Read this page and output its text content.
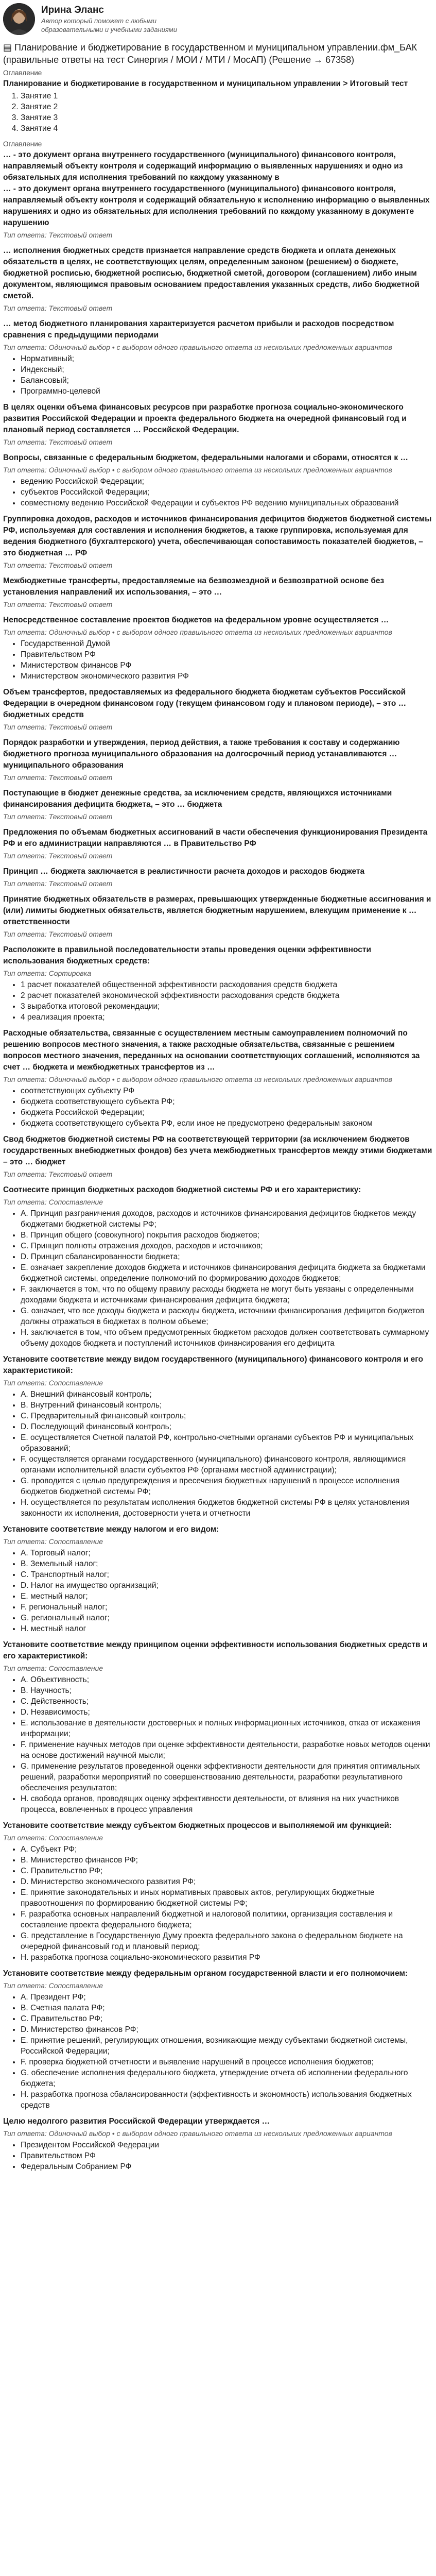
Ирина Эланс
Автор который поможет с любыми образовательными и учебными заданиями
▤ Планирование и бюджетирование в государственном и муниципальном управлении.фм_БАК (правильные ответы на тест Синергия / МОИ / МТИ / МосАП) (Решение → 67358)
Оглавление
Планирование и бюджетирование в государственном и муниципальном управлении > Итоговый тест
1. Занятие 1
2. Занятие 2
3. Занятие 3
4. Занятие 4
Оглавление
… - это документ органа внутреннего государственного (муниципального) финансового контроля, направляемый объекту контроля и содержащий информацию о выявленных нарушениях и одно из обязательных для исполнения требований по каждому указанному в
… - это документ органа внутреннего государственного (муниципального) финансового контроля, направляемый объекту контроля и содержащий обязательную к исполнению информацию о выявленных нарушениях и одно из обязательных для исполнения требований по каждому указанному в документе нарушению
Тип ответа: Текстовый ответ
… исполнения бюджетных средств признается направление средств бюджета и оплата денежных обязательств в целях, не соответствующих целям, определенным законом (решением) о бюджете, бюджетной росписью, бюджетной росписью, бюджетной сметой, договором (соглашением) либо иным документом, являющимся правовым основанием предоставления указанных средств, либо бюджетной сметой.
Тип ответа: Текстовый ответ
… метод бюджетного планирования характеризуется расчетом прибыли и расходов посредством сравнения с предыдущими периодами
Тип ответа: Одиночный выбор • с выбором одного правильного ответа из нескольких предложенных вариантов
• Нормативный;
• Индексный;
• Балансовый;
• Программно-целевой
В целях оценки объема финансовых ресурсов при разработке прогноза социально-экономического развития Российской Федерации и проекта федерального бюджета на очередной финансовый год и плановый период составляется … Российской Федерации.
Тип ответа: Текстовый ответ
Вопросы, связанные с федеральным бюджетом, федеральными налогами и сборами, относятся к …
Тип ответа: Одиночный выбор • с выбором одного правильного ответа из нескольких предложенных вариантов
• ведению Российской Федерации;
• субъектов Российской Федерации;
• совместному ведению Российской Федерации и субъектов РФ ведению муниципальных образований
Группировка доходов, расходов и источников финансирования дефицитов бюджетов бюджетной системы РФ, используемая для составления и исполнения бюджетов, а также группировка, используемая для ведения бюджетного (бухгалтерского) учета, обеспечивающая сопоставимость показателей бюджетов, – это бюджетная … РФ
Тип ответа: Текстовый ответ
Межбюджетные трансферты, предоставляемые на безвозмездной и безвозвратной основе без установления направлений их использования, – это …
Тип ответа: Текстовый ответ
Непосредственное составление проектов бюджетов на федеральном уровне осуществляется …
Тип ответа: Одиночный выбор • с выбором одного правильного ответа из нескольких предложенных вариантов
• Государственной Думой
• Правительством РФ
• Министерством финансов РФ
• Министерством экономического развития РФ
Объем трансфертов, предоставляемых из федерального бюджета бюджетам субъектов Российской Федерации в очередном финансовом году (текущем финансовом году и плановом периоде), – это … бюджетных средств
Тип ответа: Текстовый ответ
Порядок разработки и утверждения, период действия, а также требования к составу и содержанию бюджетного прогноза муниципального образования на долгосрочный период устанавливаются … муниципального образования
Тип ответа: Текстовый ответ
Поступающие в бюджет денежные средства, за исключением средств, являющихся источниками финансирования дефицита бюджета, – это … бюджета
Тип ответа: Текстовый ответ
Предложения по объемам бюджетных ассигнований в части обеспечения функционирования Президента РФ и его администрации направляются … в Правительство РФ
Тип ответа: Текстовый ответ
Принцип … бюджета заключается в реалистичности расчета доходов и расходов бюджета
Тип ответа: Текстовый ответ
Принятие бюджетных обязательств в размерах, превышающих утвержденные бюджетные ассигнования и (или) лимиты бюджетных обязательств, является бюджетным нарушением, влекущим применение к … ответственности
Тип ответа: Текстовый ответ
Расположите в правильной последовательности этапы проведения оценки эффективности использования бюджетных средств:
Тип ответа: Сортировка
• 1 расчет показателей общественной эффективности расходования средств бюджета
• 2 расчет показателей экономической эффективности расходования средств бюджета
• 3 выработка итоговой рекомендации;
• 4 реализация проекта;
Расходные обязательства, связанные с осуществлением местным самоуправлением полномочий по решению вопросов местного значения, а также расходные обязательства, связанные с решением вопросов местного значения, переданных на основании соответствующих соглашений, исполняются за счет … бюджета и межбюджетных трансфертов из …
Тип ответа: Одиночный выбор • с выбором одного правильного ответа из нескольких предложенных вариантов
• соответствующих субъекту РФ
• бюджета соответствующего субъекта РФ;
• бюджета Российской Федерации;
• бюджета соответствующего субъекта РФ, если иное не предусмотрено федеральным законом
Свод бюджетов бюджетной системы РФ на соответствующей территории (за исключением бюджетов государственных внебюджетных фондов) без учета межбюджетных трансфертов между этими бюджетами – это … бюджет
Тип ответа: Текстовый ответ
Соотнесите принцип бюджетных расходов бюджетной системы РФ и его характеристику:
Тип ответа: Сопоставление
• A. Принцип разграничения доходов, расходов и источников финансирования дефицитов бюджетов между бюджетами бюджетной системы РФ;
• B. Принцип общего (совокупного) покрытия расходов бюджетов;
• C. Принцип полноты отражения доходов, расходов и источников;
• D. Принцип сбалансированности бюджета;
• E. означает закрепление доходов бюджета и источников финансирования дефицита бюджета за бюджетами бюджетной системы, определение полномочий по формированию доходов бюджетов;
• F. заключается в том, что по общему правилу расходы бюджета не могут быть увязаны с определенными доходами бюджета и источниками финансирования дефицита бюджета;
• G. означает, что все доходы бюджета и расходы бюджета, источники финансирования дефицитов бюджетов должны отражаться в бюджетах в полном объеме;
• H. заключается в том, что объем предусмотренных бюджетом расходов должен соответствовать суммарному объему доходов бюджета и поступлений источников финансирования его дефицита
Установите соответствие между видом государственного (муниципального) финансового контроля и его характеристикой:
Тип ответа: Сопоставление
• A. Внешний финансовый контроль;
• B. Внутренний финансовый контроль;
• C. Предварительный финансовый контроль;
• D. Последующий финансовый контроль;
• E. осуществляется Счетной палатой РФ, контрольно-счетными органами субъектов РФ и муниципальных образований;
• F. осуществляется органами государственного (муниципального) финансового контроля, являющимися органами исполнительной власти субъектов РФ (органами местной администрации);
• G. проводится с целью предупреждения и пресечения бюджетных нарушений в процессе исполнения бюджетов бюджетной системы РФ;
• H. осуществляется по результатам исполнения бюджетов бюджетной системы РФ в целях установления законности их исполнения, достоверности учета и отчетности
Установите соответствие между налогом и его видом:
Тип ответа: Сопоставление
• A. Торговый налог;
• B. Земельный налог;
• C. Транспортный налог;
• D. Налог на имущество организаций;
• E. местный налог;
• F. региональный налог;
• G. региональный налог;
• H. местный налог
Установите соответствие между принципом оценки эффективности использования бюджетных средств и его характеристикой:
Тип ответа: Сопоставление
• A. Объективность;
• B. Научность;
• C. Действенность;
• D. Независимость;
• E. использование в деятельности достоверных и полных информационных источников, отказ от искажения информации;
• F. применение научных методов при оценке эффективности деятельности, разработке новых методов оценки на основе достижений научной мысли;
• G. применение результатов проведенной оценки эффективности деятельности для принятия оптимальных решений, разработки мероприятий по совершенствованию деятельности, разработки результативного обеспечения результатов;
• H. свобода органов, проводящих оценку эффективности деятельности, от влияния на них участников процесса, вовлеченных в процесс управления
Установите соответствие между субъектом бюджетных процессов и выполняемой им функцией:
Тип ответа: Сопоставление
• A. Субъект РФ;
• B. Министерство финансов РФ;
• C. Правительство РФ;
• D. Министерство экономического развития РФ;
• E. принятие законодательных и иных нормативных правовых актов, регулирующих бюджетные правоотношения по формированию бюджетной системы РФ;
• F. разработка основных направлений бюджетной и налоговой политики, организация составления и составление проекта федерального бюджета;
• G. представление в Государственную Думу проекта федерального закона о федеральном бюджете на очередной финансовый год и плановый период;
• H. разработка прогноза социально-экономического развития РФ
Установите соответствие между федеральным органом государственной власти и его полномочием:
Тип ответа: Сопоставление
• A. Президент РФ;
• B. Счетная палата РФ;
• C. Правительство РФ;
• D. Министерство финансов РФ;
• E. принятие решений, регулирующих отношения, возникающие между субъектами бюджетной системы, Российской Федерации;
• F. проверка бюджетной отчетности и выявление нарушений в процессе исполнения бюджетов;
• G. обеспечение исполнения федерального бюджета, утверждение отчета об исполнении федерального бюджета;
• H. разработка прогноза сбалансированности (эффективность и экономность) использования бюджетных средств
Целю недолгого развития Российской Федерации утверждается …
Тип ответа: Одиночный выбор • с выбором одного правильного ответа из нескольких предложенных вариантов
• Президентом Российской Федерации
• Правительством РФ
• Федеральным Собранием РФ
